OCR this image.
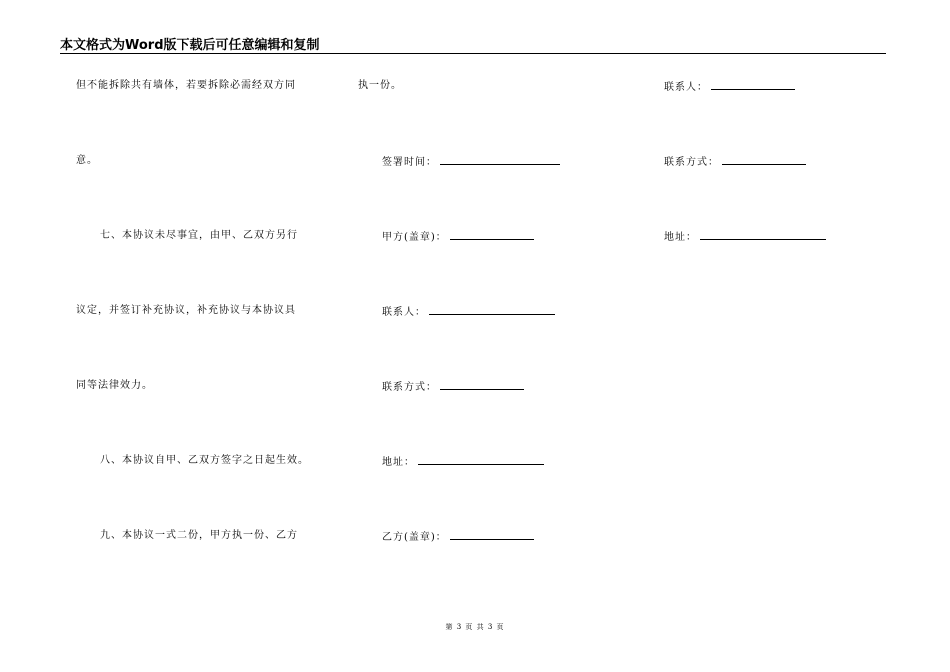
本文格式为Word版下载后可任意编辑和复制
但不能拆除共有墙体，若要拆除必需经双方同
意。
七、本协议未尽事宜，由甲、乙双方另行
议定，并签订补充协议，补充协议与本协议具
同等法律效力。
八、本协议自甲、乙双方签字之日起生效。
九、本协议一式二份，甲方执一份、乙方
执一份。
签署时间：
甲方(盖章)：
联系人：
联系方式：
地址：
乙方(盖章)：
联系人：
联系方式：
地址：
第 3 页 共 3 页
